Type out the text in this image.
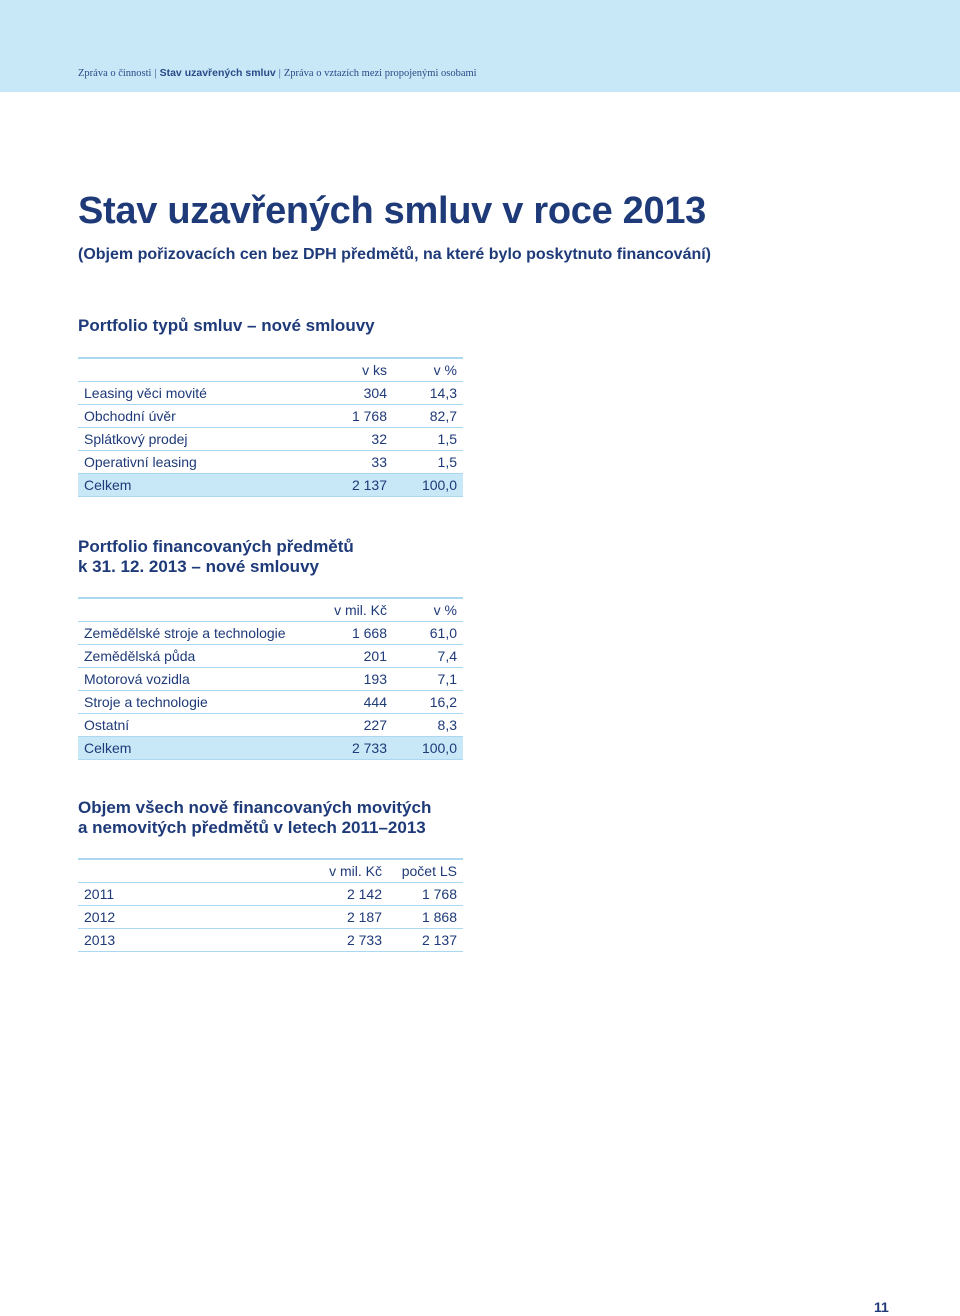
Zpráva o činnosti | Stav uzavřených smluv | Zpráva o vztazích mezi propojenými osobami
Stav uzavřených smluv v roce 2013

(Objem pořizovacích cen bez DPH předmětů, na které bylo poskytnuto financování)

Portfolio typů smluv – nové smlouvy
	v ks	v %
Leasing věci movité	304	14,3
Obchodní úvěr	1 768	82,7
Splátkový prodej	32	1,5
Operativní leasing	33	1,5
Celkem	2 137	100,0
Portfolio financovaných předmětů
k 31. 12. 2013 – nové smlouvy
	v mil. Kč	v %
Zemědělské stroje a technologie	1 668	61,0
Zemědělská půda	201	7,4
Motorová vozidla	193	7,1
Stroje a technologie	444	16,2
Ostatní	227	8,3
Celkem	2 733	100,0
Objem všech nově financovaných movitých
a nemovitých předmětů v letech 2011–2013
	v mil. Kč	počet LS
2011	2 142	1 768
2012	2 187	1 868
2013	2 733	2 137
11
